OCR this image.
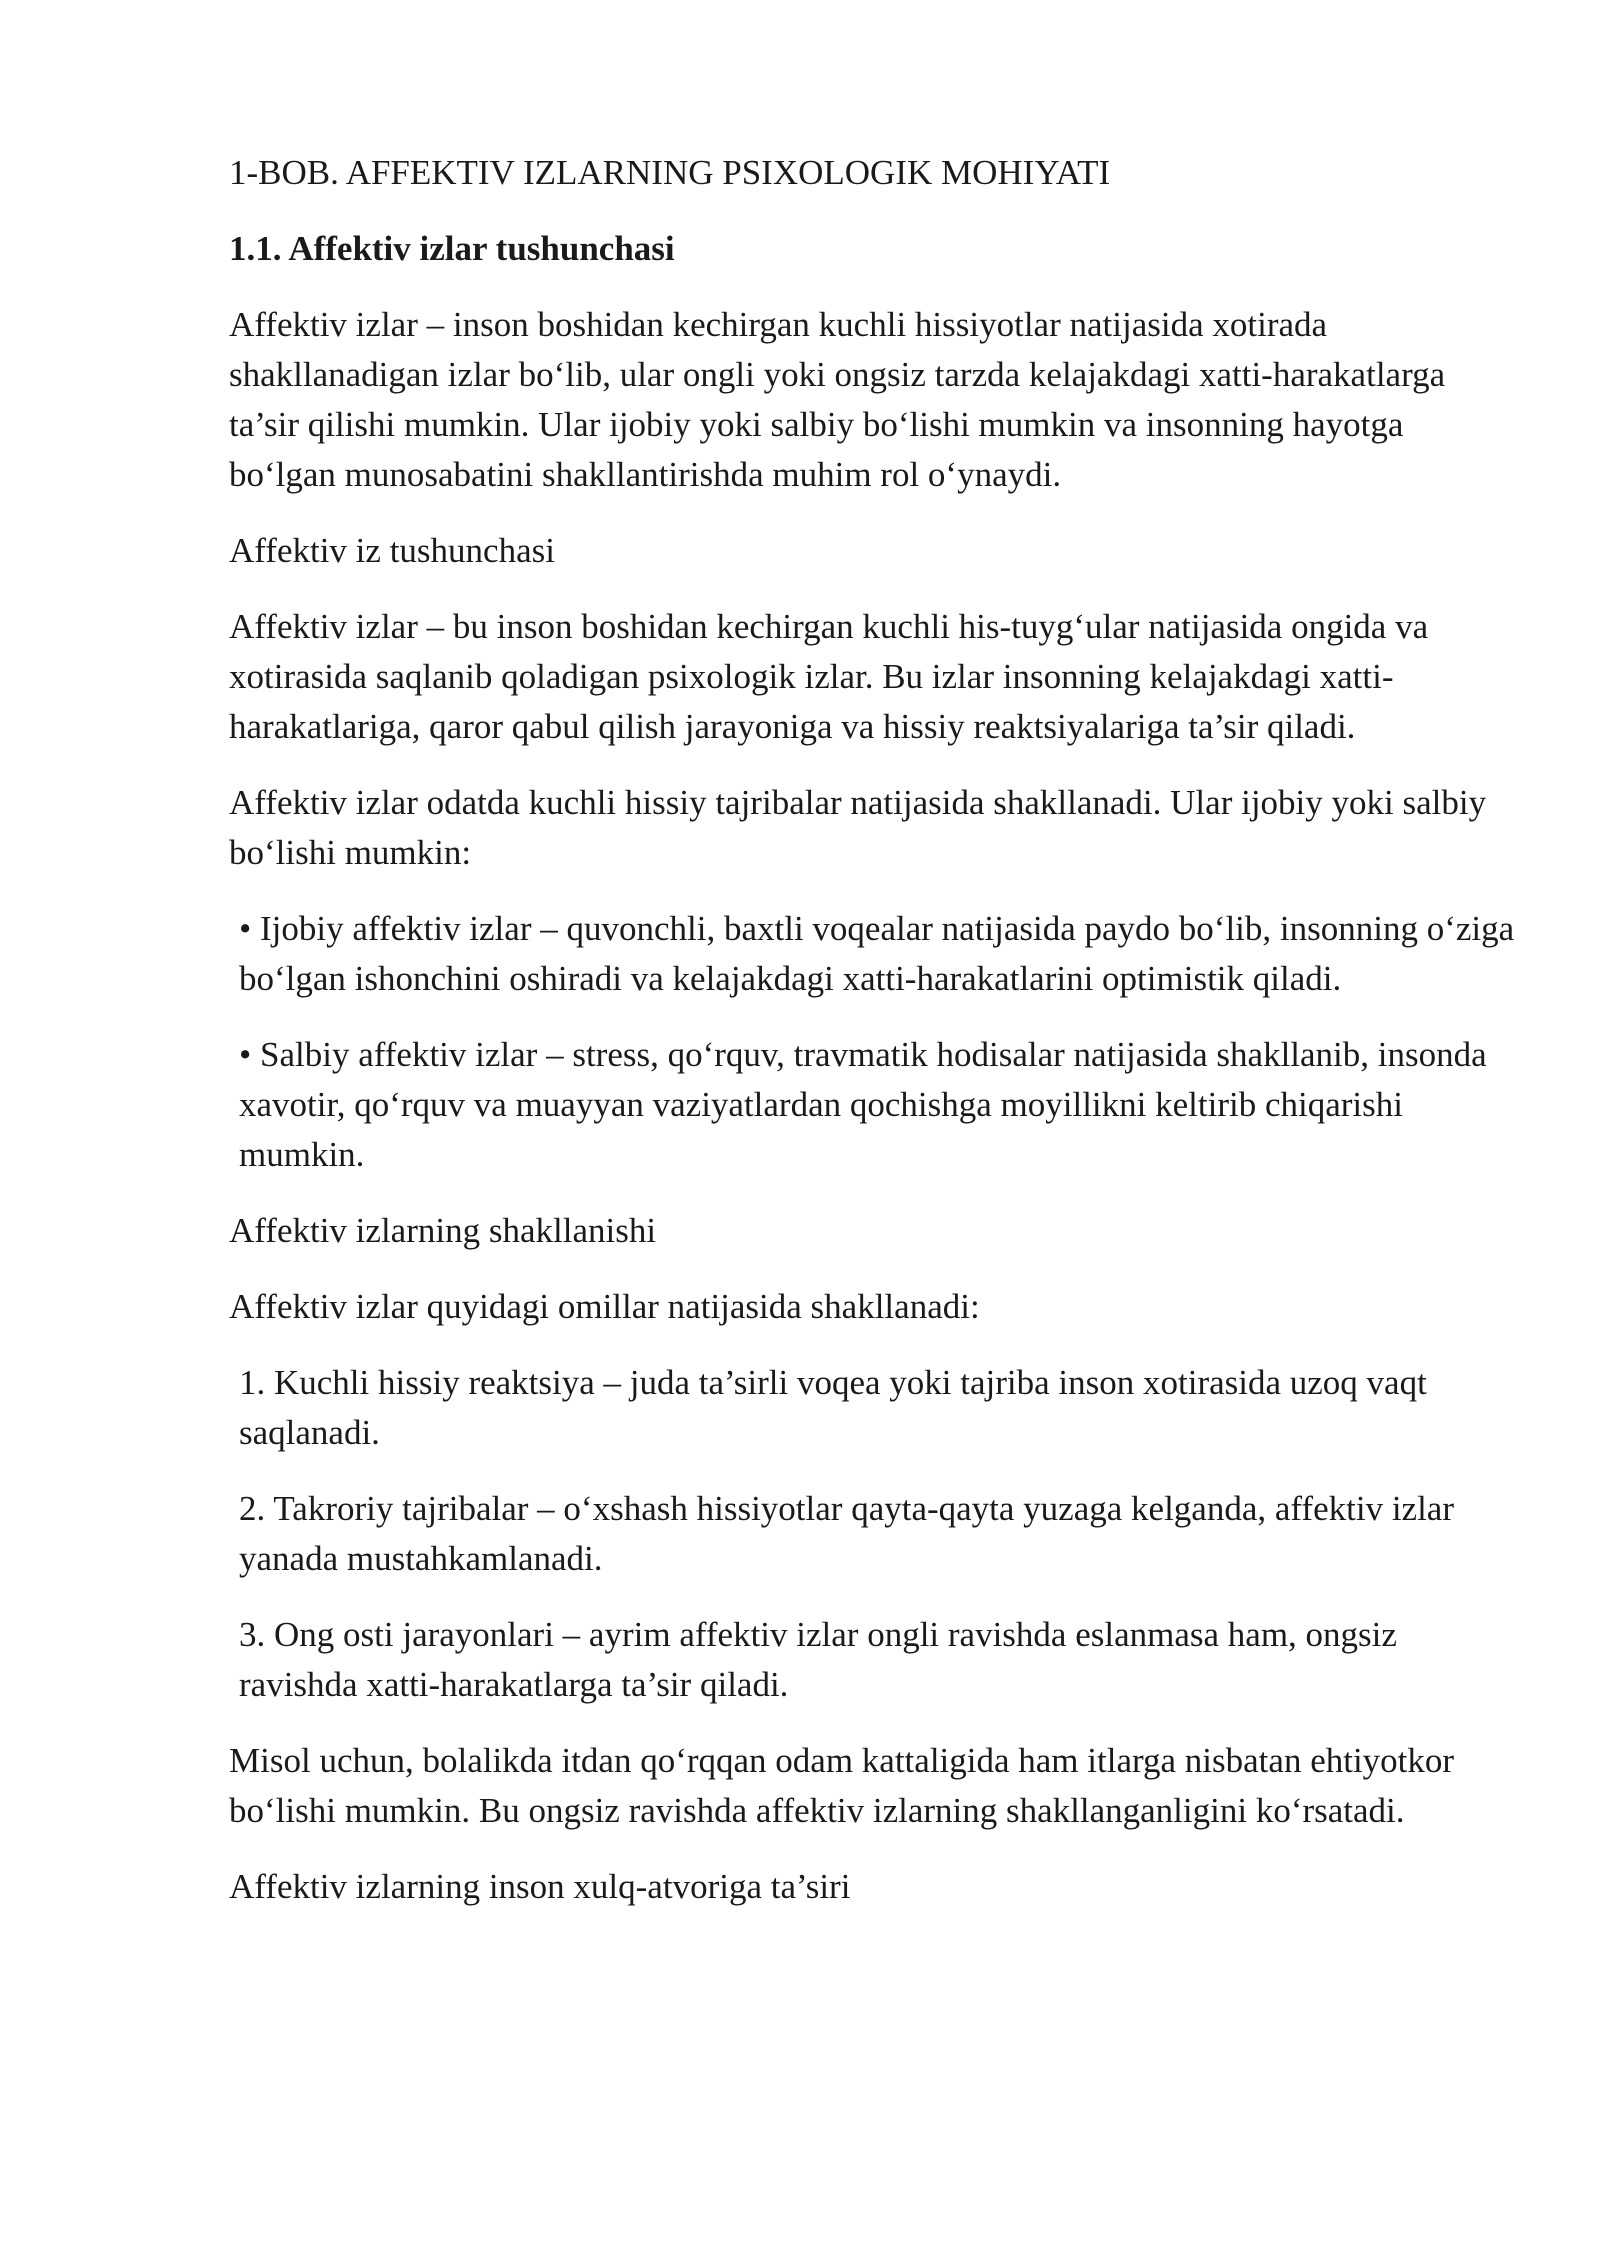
1-BOB. AFFEKTIV IZLARNING PSIXOLOGIK MOHIYATI
1.1. Affektiv izlar tushunchasi

Affektiv izlar – inson boshidan kechirgan kuchli hissiyotlar natijasida xotirada shakllanadigan izlar bo‘lib, ular ongli yoki ongsiz tarzda kelajakdagi xatti-harakatlarga ta’sir qilishi mumkin. Ular ijobiy yoki salbiy bo‘lishi mumkin va insonning hayotga bo‘lgan munosabatini shakllantirishda muhim rol o‘ynaydi.

Affektiv iz tushunchasi

Affektiv izlar – bu inson boshidan kechirgan kuchli his-tuyg‘ular natijasida ongida va xotirasida saqlanib qoladigan psixologik izlar. Bu izlar insonning kelajakdagi xatti-harakatlariga, qaror qabul qilish jarayoniga va hissiy reaktsiyalariga ta’sir qiladi.

Affektiv izlar odatda kuchli hissiy tajribalar natijasida shakllanadi. Ular ijobiy yoki salbiy bo‘lishi mumkin:

• Ijobiy affektiv izlar – quvonchli, baxtli voqealar natijasida paydo bo‘lib, insonning o‘ziga bo‘lgan ishonchini oshiradi va kelajakdagi xatti-harakatlarini optimistik qiladi.

• Salbiy affektiv izlar – stress, qo‘rquv, travmatik hodisalar natijasida shakllanib, insonda xavotir, qo‘rquv va muayyan vaziyatlardan qochishga moyillikni keltirib chiqarishi mumkin.

Affektiv izlarning shakllanishi

Affektiv izlar quyidagi omillar natijasida shakllanadi:

1. Kuchli hissiy reaktsiya – juda ta’sirli voqea yoki tajriba inson xotirasida uzoq vaqt saqlanadi.

2. Takroriy tajribalar – o‘xshash hissiyotlar qayta-qayta yuzaga kelganda, affektiv izlar yanada mustahkamlanadi.

3. Ong osti jarayonlari – ayrim affektiv izlar ongli ravishda eslanmasa ham, ongsiz ravishda xatti-harakatlarga ta’sir qiladi.

Misol uchun, bolalikda itdan qo‘rqqan odam kattaligida ham itlarga nisbatan ehtiyotkor bo‘lishi mumkin. Bu ongsiz ravishda affektiv izlarning shakllanganligini ko‘rsatadi.

Affektiv izlarning inson xulq-atvoriga ta’siri
